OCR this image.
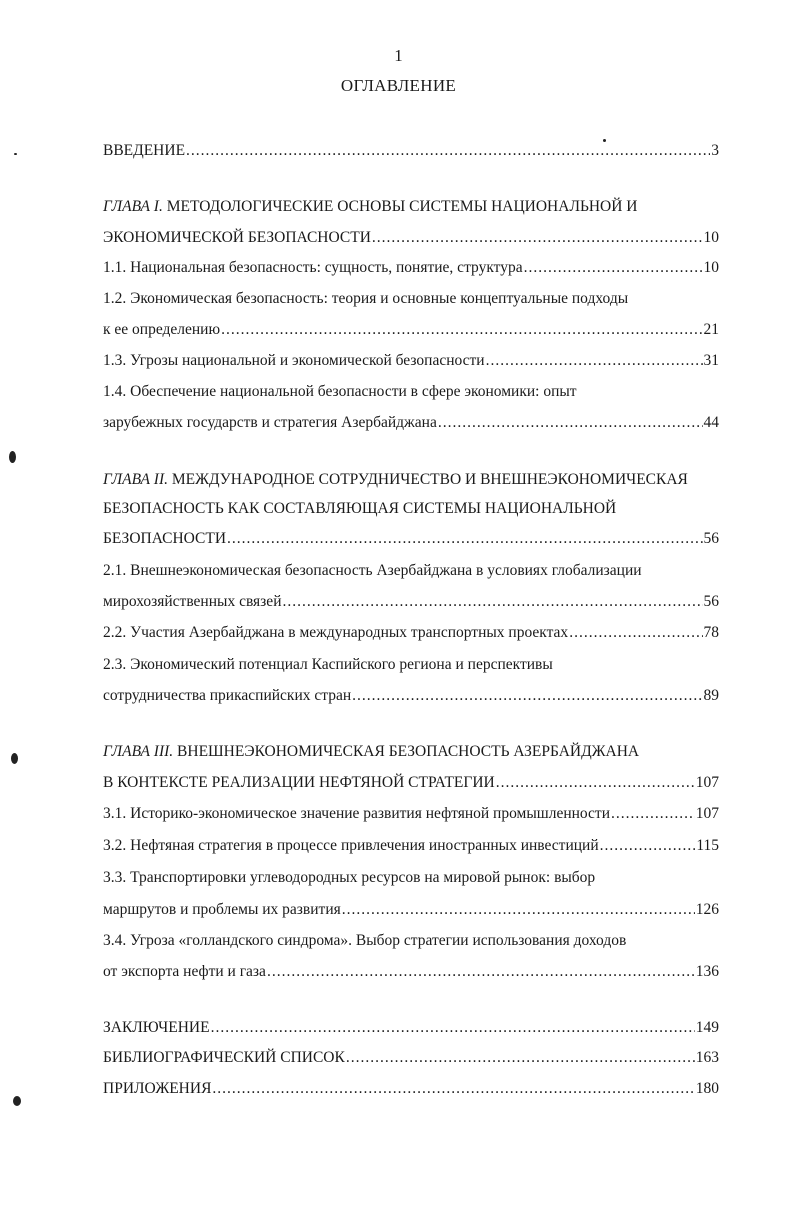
1
ОГЛАВЛЕНИЕ
ВВЕДЕНИЕ .....	3
ГЛАВА I. МЕТОДОЛОГИЧЕСКИЕ ОСНОВЫ СИСТЕМЫ НАЦИОНАЛЬНОЙ И
ЭКОНОМИЧЕСКОЙ БЕЗОПАСНОСТИ .....	10
1.1. Национальная безопасность: сущность, понятие, структура .....	10
1.2. Экономическая безопасность: теория и основные концептуальные подходы
к ее определению .....	21
1.3. Угрозы национальной и экономической безопасности .....	31
1.4. Обеспечение национальной безопасности в сфере экономики: опыт
зарубежных государств и стратегия Азербайджана .....	44
ГЛАВА II. МЕЖДУНАРОДНОЕ СОТРУДНИЧЕСТВО И ВНЕШНЕЭКОНОМИЧЕСКАЯ
БЕЗОПАСНОСТЬ КАК СОСТАВЛЯЮЩАЯ СИСТЕМЫ НАЦИОНАЛЬНОЙ
БЕЗОПАСНОСТИ .....	56
2.1. Внешнеэкономическая безопасность Азербайджана в условиях глобализации
мирохозяйственных связей .....	56
2.2. Участия Азербайджана в международных транспортных проектах .....	78
2.3. Экономический потенциал Каспийского региона и перспективы
сотрудничества прикаспийских стран .....	89
ГЛАВА III. ВНЕШНЕЭКОНОМИЧЕСКАЯ БЕЗОПАСНОСТЬ АЗЕРБАЙДЖАНА
В КОНТЕКСТЕ РЕАЛИЗАЦИИ НЕФТЯНОЙ СТРАТЕГИИ .....	107
3.1. Историко-экономическое значение развития нефтяной промышленности .....	107
3.2. Нефтяная стратегия в процессе привлечения иностранных инвестиций .....	115
3.3. Транспортировки углеводородных ресурсов на мировой рынок: выбор
маршрутов и проблемы их развития .....	126
3.4. Угроза «голландского синдрома». Выбор стратегии использования доходов
от экспорта нефти и газа .....	136
ЗАКЛЮЧЕНИЕ .....	149
БИБЛИОГРАФИЧЕСКИЙ СПИСОК .....	163
ПРИЛОЖЕНИЯ .....	180
